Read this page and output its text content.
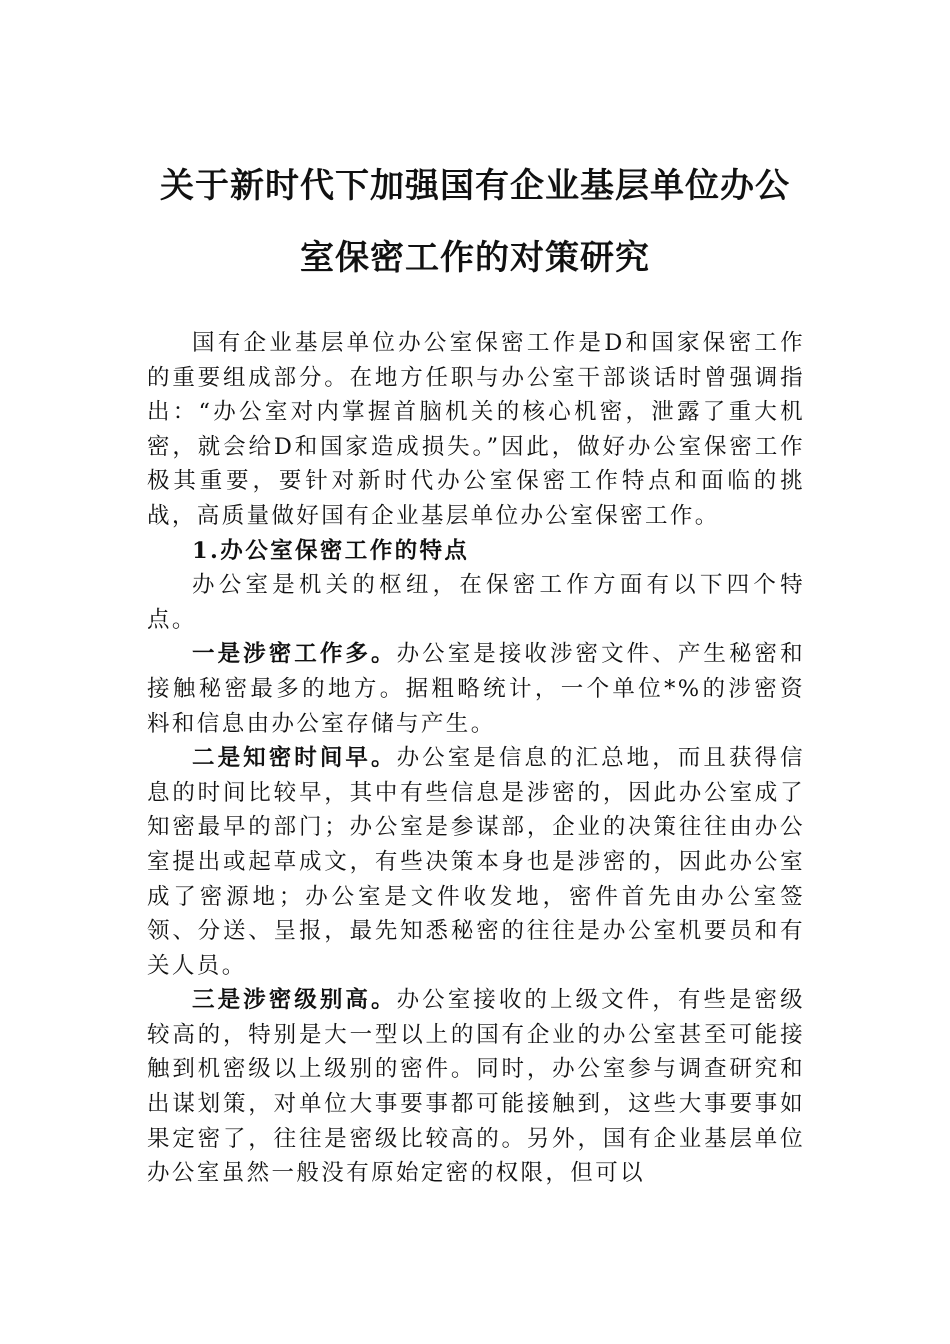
关于新时代下加强国有企业基层单位办公
室保密工作的对策研究

国有企业基层单位办公室保密工作是D和国家保密工作的重要组成部分。在地方任职与办公室干部谈话时曾强调指出：“办公室对内掌握首脑机关的核心机密，泄露了重大机密，就会给D和国家造成损失。”因此，做好办公室保密工作极其重要，要针对新时代办公室保密工作特点和面临的挑战，高质量做好国有企业基层单位办公室保密工作。

1.办公室保密工作的特点

办公室是机关的枢纽，在保密工作方面有以下四个特点。

一是涉密工作多。办公室是接收涉密文件、产生秘密和接触秘密最多的地方。据粗略统计，一个单位*%的涉密资料和信息由办公室存储与产生。

二是知密时间早。办公室是信息的汇总地，而且获得信息的时间比较早，其中有些信息是涉密的，因此办公室成了知密最早的部门；办公室是参谋部，企业的决策往往由办公室提出或起草成文，有些决策本身也是涉密的，因此办公室成了密源地；办公室是文件收发地，密件首先由办公室签领、分送、呈报，最先知悉秘密的往往是办公室机要员和有关人员。

三是涉密级别高。办公室接收的上级文件，有些是密级较高的，特别是大一型以上的国有企业的办公室甚至可能接触到机密级以上级别的密件。同时，办公室参与调查研究和出谋划策，对单位大事要事都可能接触到，这些大事要事如果定密了，往往是密级比较高的。另外，国有企业基层单位办公室虽然一般没有原始定密的权限，但可以
